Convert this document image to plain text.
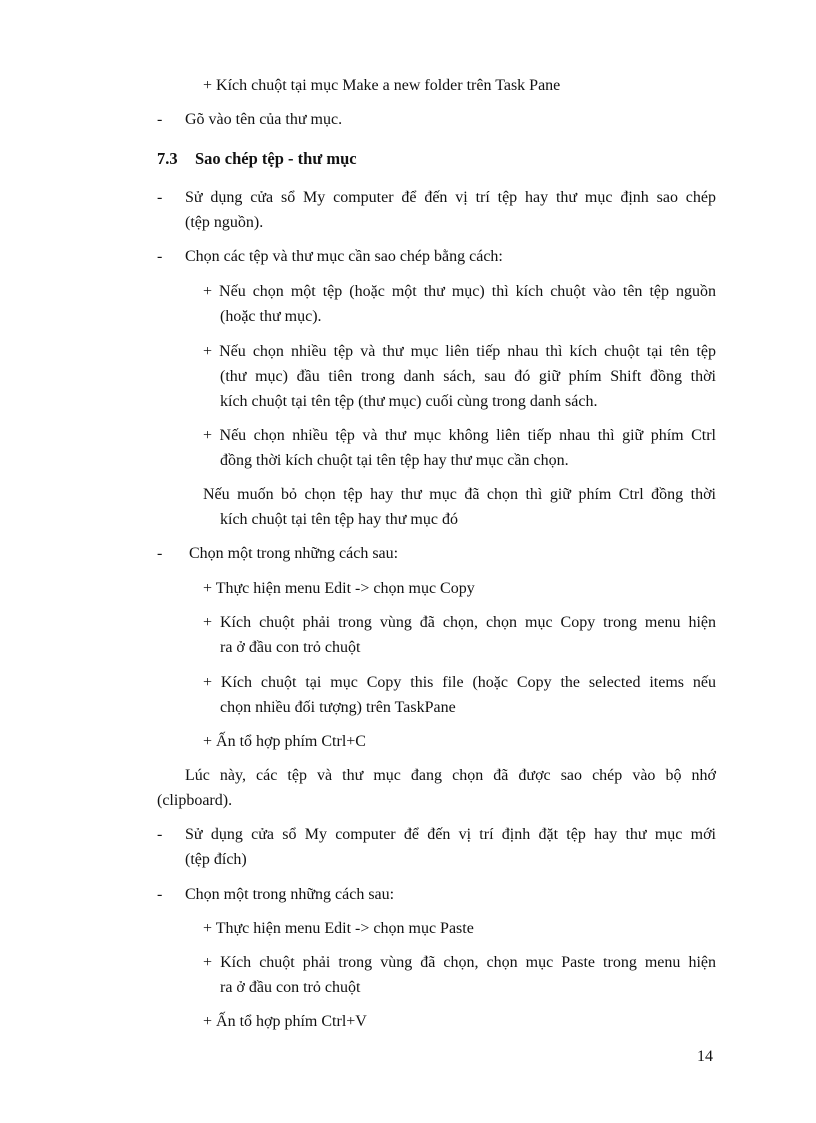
+ Kích chuột tại mục Make a new folder trên Task Pane
- Gõ vào tên của thư mục.
7.3 Sao chép tệp - thư mục
- Sử dụng cửa sổ My computer để đến vị trí tệp hay thư mục định sao chép
(tệp nguồn).
- Chọn các tệp và thư mục cần sao chép bằng cách:
+ Nếu chọn một tệp (hoặc một thư mục) thì kích chuột vào tên tệp nguồn
(hoặc thư mục).
+ Nếu chọn nhiều tệp và thư mục liên tiếp nhau thì kích chuột tại tên tệp
(thư mục) đầu tiên trong danh sách, sau đó giữ phím Shift đồng thời
kích chuột tại tên tệp (thư mục) cuối cùng trong danh sách.
+ Nếu chọn nhiều tệp và thư mục không liên tiếp nhau thì giữ phím Ctrl
đồng thời kích chuột tại tên tệp hay thư mục cần chọn.
Nếu muốn bỏ chọn tệp hay thư mục đã chọn thì giữ phím Ctrl đồng thời
kích chuột tại tên tệp hay thư mục đó
- Chọn một trong những cách sau:
+ Thực hiện menu Edit -> chọn mục Copy
+ Kích chuột phải trong vùng đã chọn, chọn mục Copy trong menu hiện
ra ở đầu con trỏ chuột
+ Kích chuột tại mục Copy this file (hoặc Copy the selected items nếu
chọn nhiều đối tượng) trên TaskPane
+ Ấn tổ hợp phím Ctrl+C
Lúc này, các tệp và thư mục đang chọn đã được sao chép vào bộ nhớ
(clipboard).
- Sử dụng cửa sổ My computer để đến vị trí định đặt tệp hay thư mục mới
(tệp đích)
- Chọn một trong những cách sau:
+ Thực hiện menu Edit -> chọn mục Paste
+ Kích chuột phải trong vùng đã chọn, chọn mục Paste trong menu hiện
ra ở đầu con trỏ chuột
+ Ấn tổ hợp phím Ctrl+V
14
